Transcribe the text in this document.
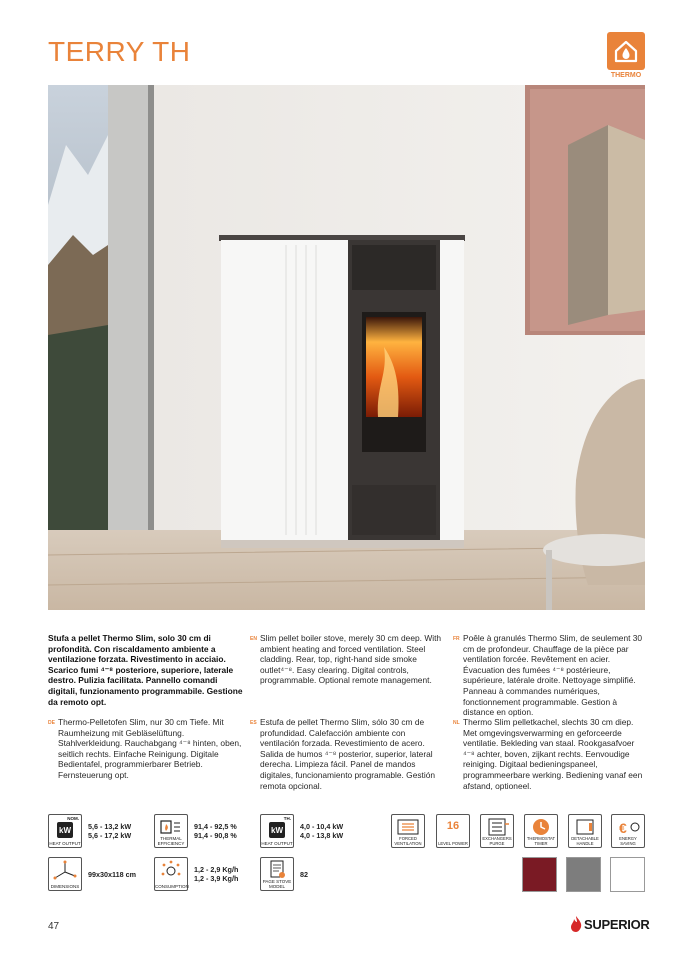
TERRY TH
THERMO
Stufa a pellet Thermo Slim, solo 30 cm di profondità. Con riscaldamento ambiente a ventilazione forzata. Rivestimento in acciaio. Scarico fumi ⁴⁻⁸ posteriore, superiore, laterale destro. Pulizia facilitata. Pannello comandi digitali, funzionamento programmabile. Gestione da remoto opt.
EN Slim pellet boiler stove, merely 30 cm deep. With ambient heating and forced ventilation. Steel cladding. Rear, top, right-hand side smoke outlet⁴⁻⁸. Easy clearing. Digital controls, programmable. Optional remote management.
FR Poêle à granulés Thermo Slim, de seulement 30 cm de profondeur. Chauffage de la pièce par ventilation forcée. Revêtement en acier. Évacuation des fumées ⁴⁻⁸ postérieure, supérieure, latérale droite. Nettoyage simplifié. Panneau à commandes numériques, fonctionnement programmable. Gestion à distance en option.
DE Thermo-Pelletofen Slim, nur 30 cm Tiefe. Mit Raumheizung mit Gebläselüftung. Stahlverkleidung. Rauchabgang ⁴⁻⁸ hinten, oben, seitlich rechts. Einfache Reinigung. Digitale Bedientafel, programmierbarer Betrieb. Fernsteuerung opt.
ES Estufa de pellet Thermo Slim, sólo 30 cm de profundidad. Calefacción ambiente con ventilación forzada. Revestimiento de acero. Salida de humos ⁴⁻⁸ posterior, superior, lateral derecha. Limpieza fácil. Panel de mandos digitales, funcionamiento programable. Gestión remota opcional.
NL Thermo Slim pelletkachel, slechts 30 cm diep. Met omgevingsverwarming en geforceerde ventilatie. Bekleding van staal. Rookgasafvoer ⁴⁻⁸ achter, boven, zijkant rechts. Eenvoudige reiniging. Digitaal bedieningspaneel, programmeerbare werking. Bediening vanaf een afstand, optioneel.
NOM.
kW
HEAT OUTPUT
5,6 - 13,2 kW
5,6 - 17,2 kW	THERMAL EFFICIENCY
91,4 - 92,5 %
91,4 - 90,8 %
TH.
kW
HEAT OUTPUT
4,0 - 10,4 kW
4,0 - 13,8 kW
DIMENSIONS
99x30x118 cm
CONSUMPTION
1,2 - 2,9 Kg/h
1,2 - 3,9 Kg/h	PAGE STOVE MODEL
82
FORCED VENTILATION
16
LEVEL POWER
EXCHANGERS PURGE
THERMOSTAT TIMER
DETACHABLE HANDLE
€
ENERGY SAVING
47	SUPERIOR
